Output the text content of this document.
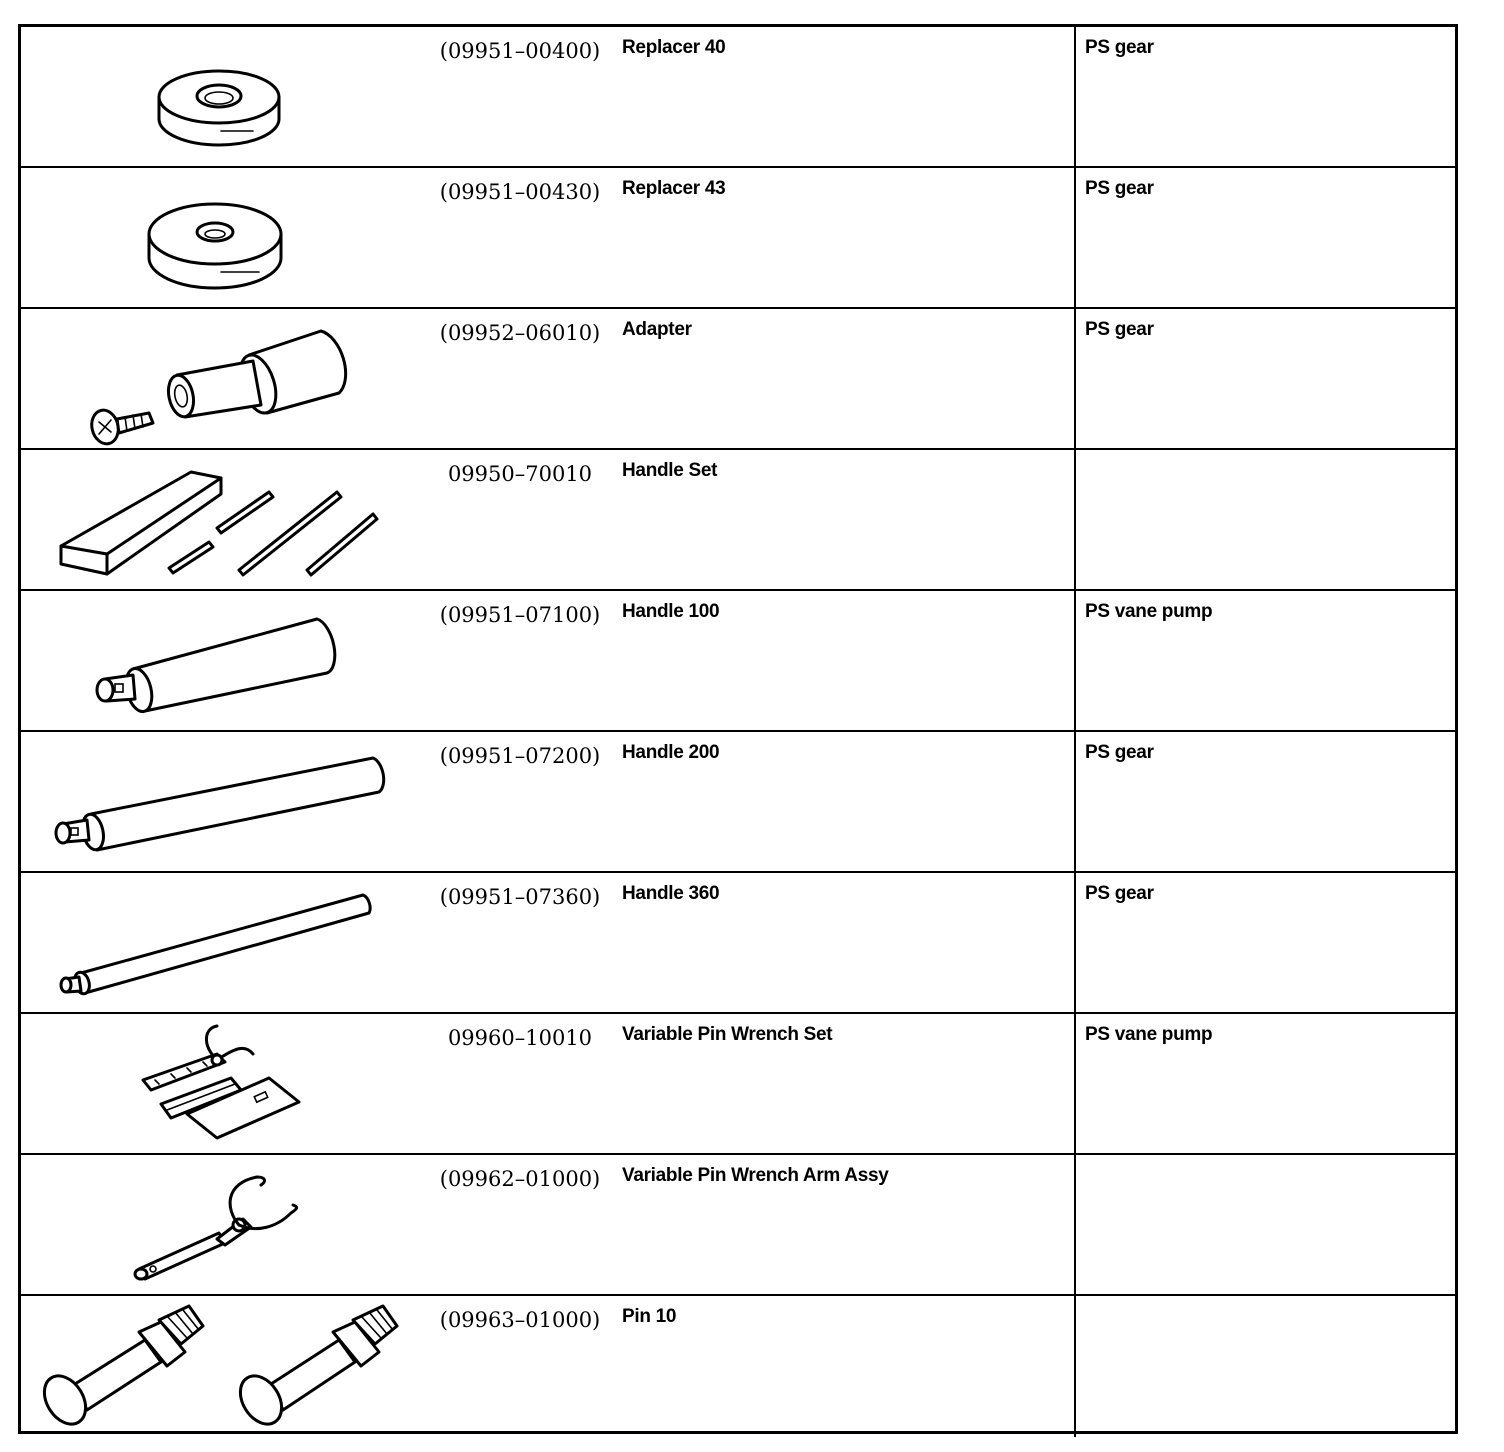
(09951–00400) Replacer 40	PS gear
(09951–00430) Replacer 43	PS gear
(09952–06010) Adapter	PS gear
09950–70010	Handle Set
(09951–07100) Handle 100	PS vane pump
(09951–07200) Handle 200	PS gear
(09951–07360) Handle 360	PS gear
09960–10010	Variable Pin Wrench Set	PS vane pump
(09962–01000) Variable Pin Wrench Arm Assy
(09963–01000) Pin 10
